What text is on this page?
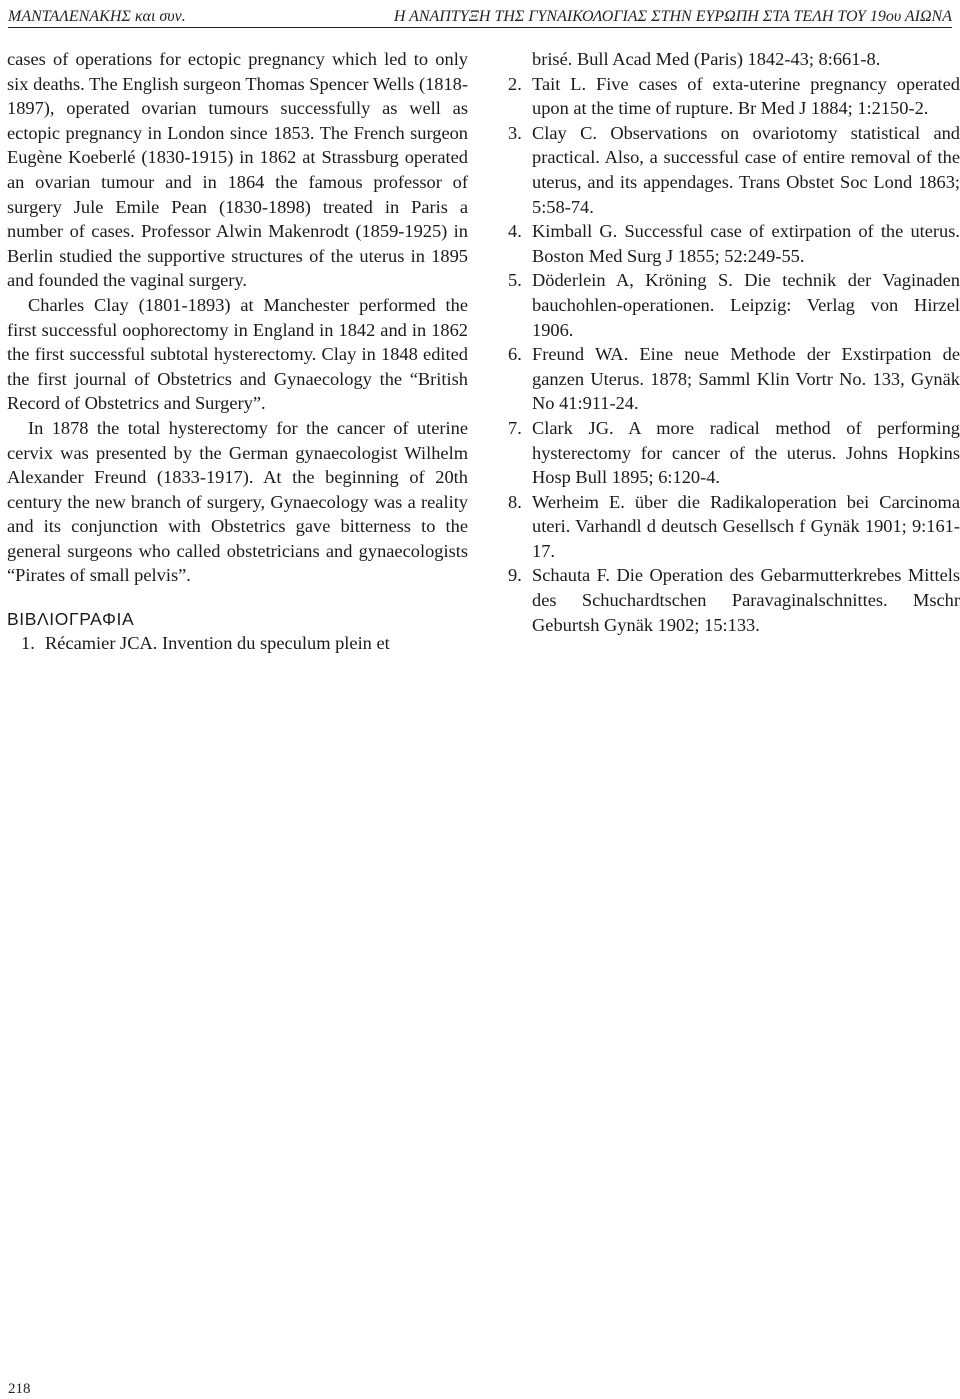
ΜΑΝΤΑΛΕΝΑΚΗΣ και συν.	Η ΑΝΑΠΤΥΞΗ ΤΗΣ ΓΥΝΑΙΚΟΛΟΓΙΑΣ ΣΤΗΝ ΕΥΡΩΠΗ ΣΤΑ ΤΕΛΗ ΤΟΥ 19ου ΑΙΩΝΑ

cases of operations for ectopic pregnancy which led to only six deaths. The English surgeon Thomas Spencer Wells (1818-1897), operated ovarian tumours successfully as well as ectopic pregnancy in London since 1853. The French surgeon Eugène Koeberlé (1830-1915) in 1862 at Strassburg operated an ovarian tumour and in 1864 the famous professor of surgery Jule Emile Pean (1830-1898) treated in Paris a number of cases. Professor Alwin Makenrodt (1859-1925) in Berlin studied the supportive structures of the uterus in 1895 and founded the vaginal surgery.

Charles Clay (1801-1893) at Manchester performed the first successful oophorectomy in England in 1842 and in 1862 the first successful subtotal hysterectomy. Clay in 1848 edited the first journal of Obstetrics and Gynaecology the “British Record of Obstetrics and Surgery”.

In 1878 the total hysterectomy for the cancer of uterine cervix was presented by the German gynaecologist Wilhelm Alexander Freund (1833-1917). At the beginning of 20th century the new branch of surgery, Gynaecology was a reality and its conjunction with Obstetrics gave bitterness to the general surgeons who called obstetricians and gynaecologists “Pirates of small pelvis”.

ΒΙΒΛΙΟΓΡΑΦΙΑ
1. Récamier JCA. Invention du speculum plein et

brisé. Bull Acad Med (Paris) 1842-43; 8:661-8.

2. Tait L. Five cases of exta-uterine pregnancy operated upon at the time of rupture. Br Med J 1884; 1:2150-2.
3. Clay C. Observations on ovariotomy statistical and practical. Also, a successful case of entire removal of the uterus, and its appendages. Trans Obstet Soc Lond 1863; 5:58-74.
4. Kimball G. Successful case of extirpation of the uterus. Boston Med Surg J 1855; 52:249-55.
5. Döderlein A, Kröning S. Die technik der Vaginaden bauchohlen-operationen. Leipzig: Verlag von Hirzel 1906.
6. Freund WA. Eine neue Methode der Exstirpation de ganzen Uterus. 1878; Samml Klin Vortr No. 133, Gynäk No 41:911-24.
7. Clark JG. A more radical method of performing hysterectomy for cancer of the uterus. Johns Hopkins Hosp Bull 1895; 6:120-4.
8. Werheim E. über die Radikaloperation bei Carcinoma uteri. Varhandl d deutsch Gesellsch f Gynäk 1901; 9:161-17.
9. Schauta F. Die Operation des Gebarmutterkrebes Mittels des Schuchardtschen Paravaginalschnittes. Mschr Geburtsh Gynäk 1902; 15:133.
218
